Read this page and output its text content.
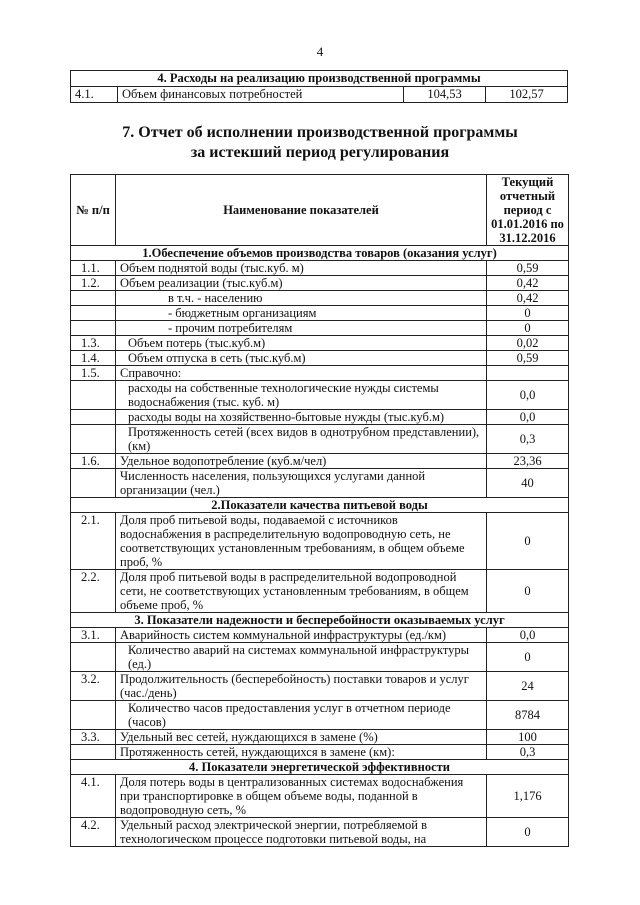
4
4. Расходы на реализацию производственной программы
4.1.	Объем финансовых потребностей	104,53	102,57
7. Отчет об исполнении производственной программы
за истекший период регулирования
№ п/п	Наименование показателей	Текущий отчетный период с 01.01.2016 по 31.12.2016
1.Обеспечение объемов производства товаров (оказания услуг)		
1.1.	Объем поднятой воды (тыс.куб. м)	0,59
1.2.	Объем реализации (тыс.куб.м)	0,42
	в т.ч. - населению	0,42
	- бюджетным организациям	0
	- прочим потребителям	0
1.3.	Объем потерь (тыс.куб.м)	0,02
1.4.	Объем отпуска в сеть (тыс.куб.м)	0,59
1.5.	Справочно:	
	расходы на собственные технологические нужды системы водоснабжения (тыс. куб. м)	0,0
	расходы воды на хозяйственно-бытовые нужды (тыс.куб.м)	0,0
	Протяженность сетей (всех видов в однотрубном представлении), (км)	0,3
1.6.	Удельное водопотребление (куб.м/чел)	23,36
	Численность населения, пользующихся услугами данной организации (чел.)	40
2.Показатели качества питьевой воды		
2.1.	Доля проб питьевой воды, подаваемой с источников водоснабжения в распределительную водопроводную сеть, не соответствующих установленным требованиям, в общем объеме проб, %	0
2.2.	Доля проб питьевой воды в распределительной водопроводной сети, не соответствующих установленным требованиям, в общем объеме проб, %	0
3. Показатели надежности и бесперебойности оказываемых услуг		
3.1.	Аварийность систем коммунальной инфраструктуры (ед./км)	0,0
	Количество аварий на системах коммунальной инфраструктуры (ед.)	0
3.2.	Продолжительность (бесперебойность) поставки товаров и услуг (час./день)	24
	Количество часов предоставления услуг в отчетном периоде (часов)	8784
3.3.	Удельный вес сетей, нуждающихся в замене (%)	100
	Протяженность сетей, нуждающихся в замене (км):	0,3
4. Показатели энергетической эффективности		
4.1.	Доля потерь воды в централизованных системах водоснабжения при транспортировке в общем объеме воды, поданной в водопроводную сеть, %	1,176
4.2.	Удельный расход электрической энергии, потребляемой в технологическом процессе подготовки питьевой воды, на	0
